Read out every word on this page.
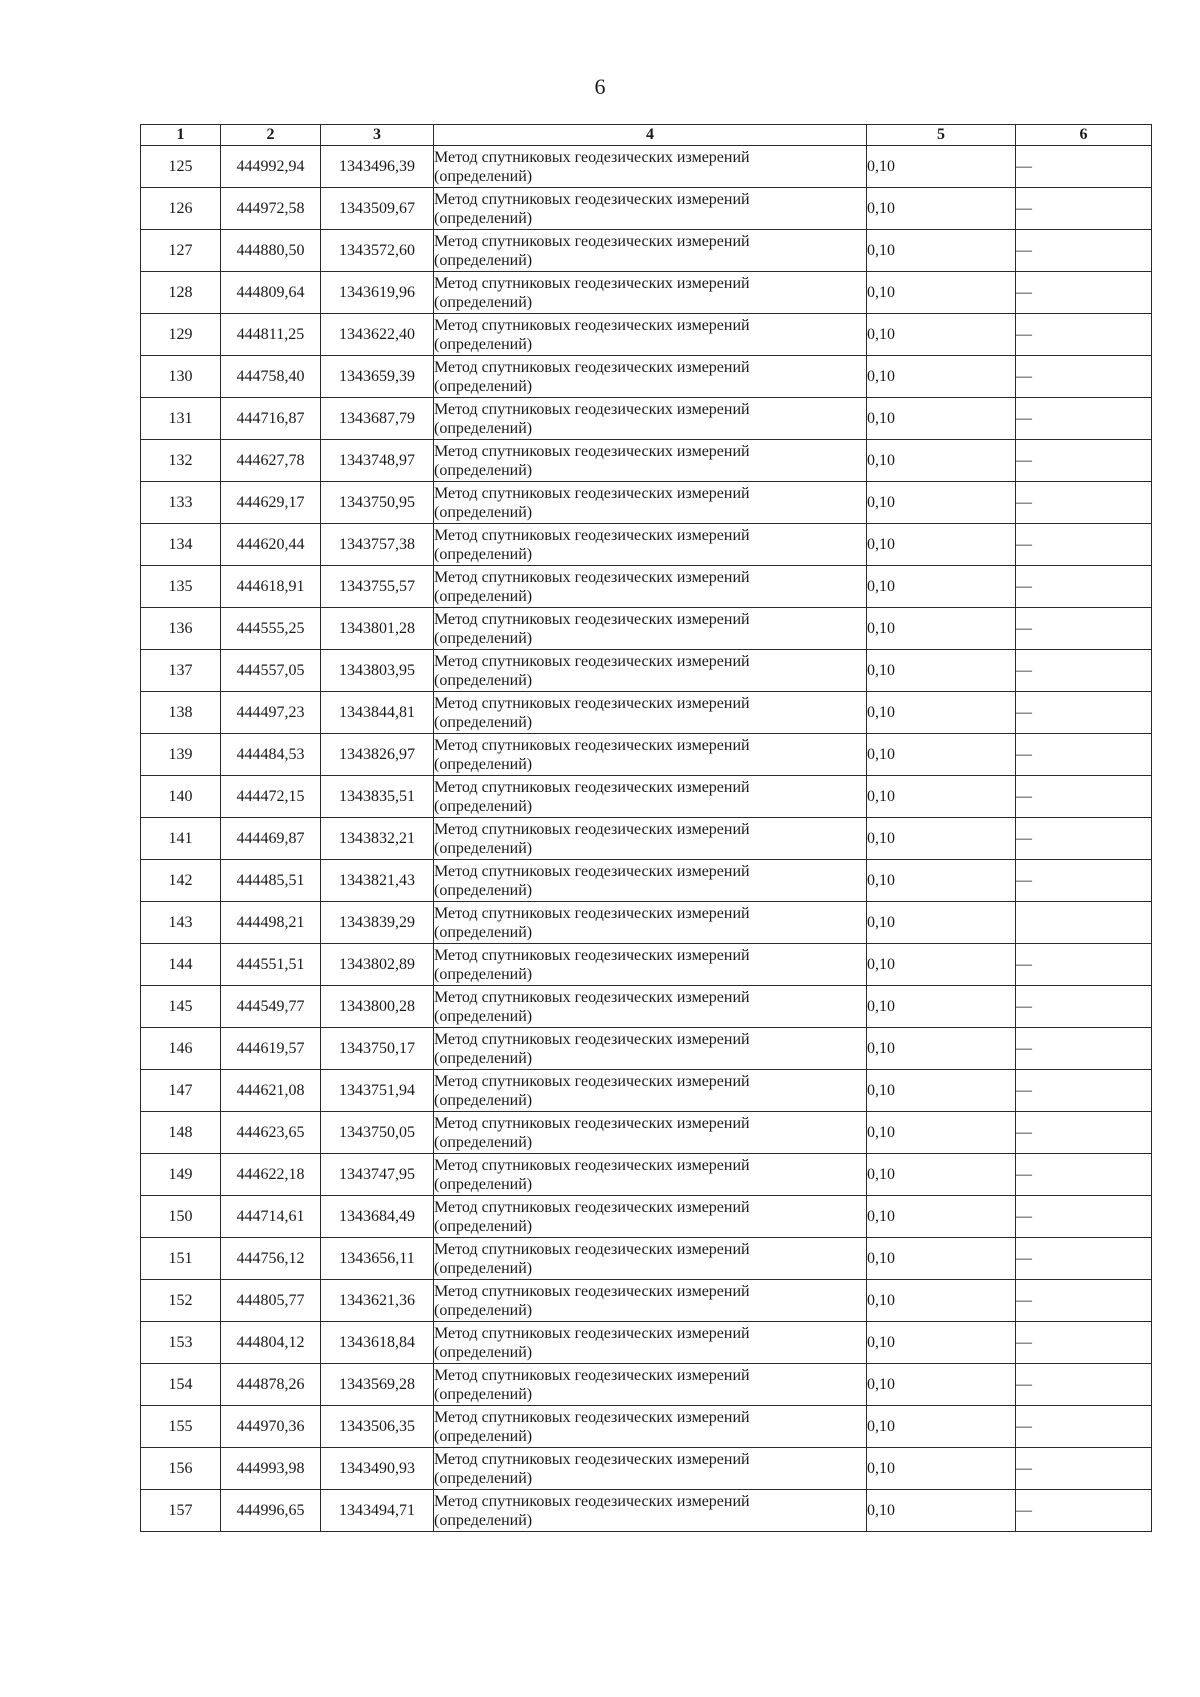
6
1	2	3	4	5	6
125	444992,94	1343496,39	Метод спутниковых геодезических измерений
(определений)	0,10	—
126	444972,58	1343509,67	Метод спутниковых геодезических измерений
(определений)	0,10	—
127	444880,50	1343572,60	Метод спутниковых геодезических измерений
(определений)	0,10	—
128	444809,64	1343619,96	Метод спутниковых геодезических измерений
(определений)	0,10	—
129	444811,25	1343622,40	Метод спутниковых геодезических измерений
(определений)	0,10	—
130	444758,40	1343659,39	Метод спутниковых геодезических измерений
(определений)	0,10	—
131	444716,87	1343687,79	Метод спутниковых геодезических измерений
(определений)	0,10	—
132	444627,78	1343748,97	Метод спутниковых геодезических измерений
(определений)	0,10	—
133	444629,17	1343750,95	Метод спутниковых геодезических измерений
(определений)	0,10	—
134	444620,44	1343757,38	Метод спутниковых геодезических измерений
(определений)	0,10	—
135	444618,91	1343755,57	Метод спутниковых геодезических измерений
(определений)	0,10	—
136	444555,25	1343801,28	Метод спутниковых геодезических измерений
(определений)	0,10	—
137	444557,05	1343803,95	Метод спутниковых геодезических измерений
(определений)	0,10	—
138	444497,23	1343844,81	Метод спутниковых геодезических измерений
(определений)	0,10	—
139	444484,53	1343826,97	Метод спутниковых геодезических измерений
(определений)	0,10	—
140	444472,15	1343835,51	Метод спутниковых геодезических измерений
(определений)	0,10	—
141	444469,87	1343832,21	Метод спутниковых геодезических измерений
(определений)	0,10	—
142	444485,51	1343821,43	Метод спутниковых геодезических измерений
(определений)	0,10	—
143	444498,21	1343839,29	Метод спутниковых геодезических измерений
(определений)	0,10	
144	444551,51	1343802,89	Метод спутниковых геодезических измерений
(определений)	0,10	—
145	444549,77	1343800,28	Метод спутниковых геодезических измерений
(определений)	0,10	—
146	444619,57	1343750,17	Метод спутниковых геодезических измерений
(определений)	0,10	—
147	444621,08	1343751,94	Метод спутниковых геодезических измерений
(определений)	0,10	—
148	444623,65	1343750,05	Метод спутниковых геодезических измерений
(определений)	0,10	—
149	444622,18	1343747,95	Метод спутниковых геодезических измерений
(определений)	0,10	—
150	444714,61	1343684,49	Метод спутниковых геодезических измерений
(определений)	0,10	—
151	444756,12	1343656,11	Метод спутниковых геодезических измерений
(определений)	0,10	—
152	444805,77	1343621,36	Метод спутниковых геодезических измерений
(определений)	0,10	—
153	444804,12	1343618,84	Метод спутниковых геодезических измерений
(определений)	0,10	—
154	444878,26	1343569,28	Метод спутниковых геодезических измерений
(определений)	0,10	—
155	444970,36	1343506,35	Метод спутниковых геодезических измерений
(определений)	0,10	—
156	444993,98	1343490,93	Метод спутниковых геодезических измерений
(определений)	0,10	—
157	444996,65	1343494,71	Метод спутниковых геодезических измерений
(определений)	0,10	—
